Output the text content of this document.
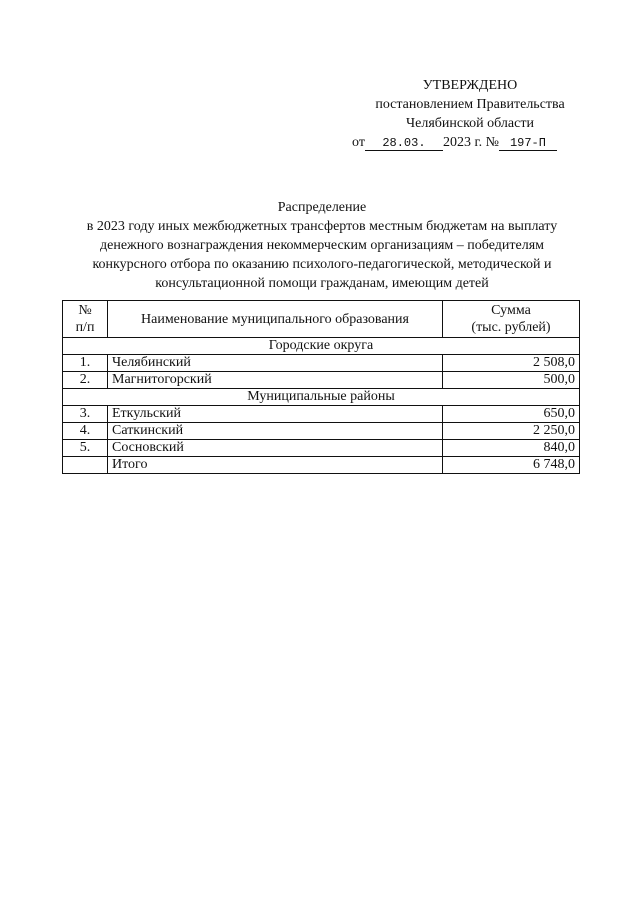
УТВЕРЖДЕНО
постановлением Правительства
Челябинской области
от 28.03. 2023 г. № 197-П
Распределение
в 2023 году иных межбюджетных трансфертов местным бюджетам на выплату денежного вознаграждения некоммерческим организациям – победителям конкурсного отбора по оказанию психолого-педагогической, методической и консультационной помощи гражданам, имеющим детей
№
п/п	Наименование муниципального образования	Сумма
(тыс. рублей)
Городские округа		
1.	Челябинский	2 508,0
2.	Магнитогорский	500,0
Муниципальные районы		
3.	Еткульский	650,0
4.	Саткинский	2 250,0
5.	Сосновский	840,0
	Итого	6 748,0
